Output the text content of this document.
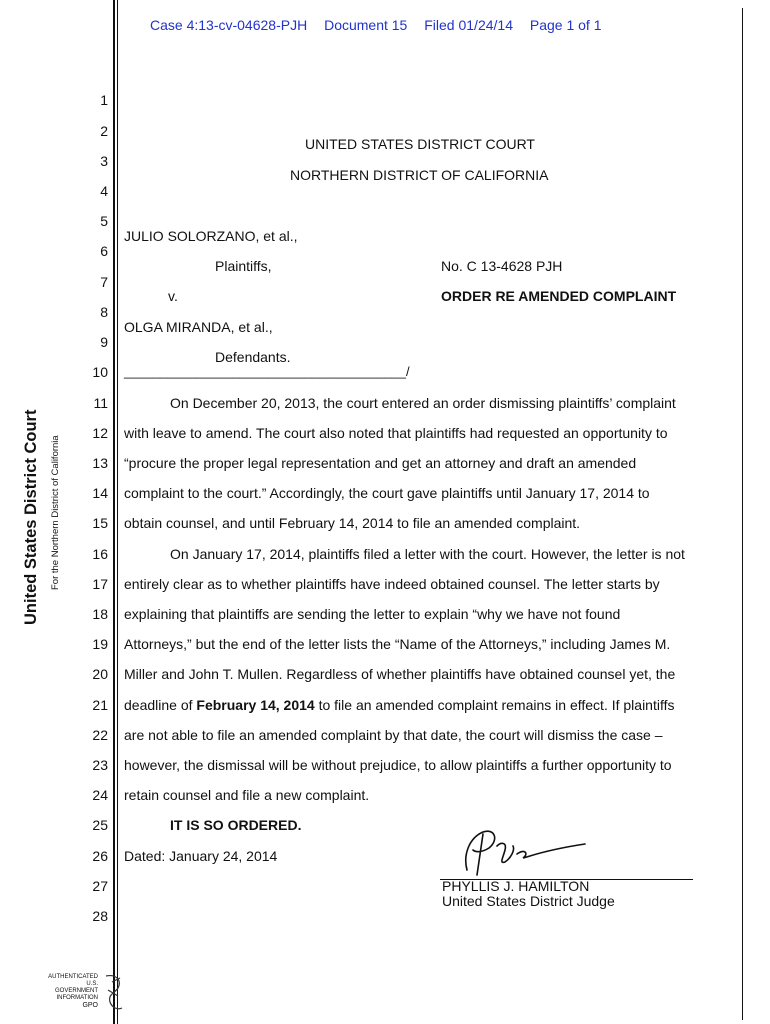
Case 4:13-cv-04628-PJH Document 15 Filed 01/24/14 Page 1 of 1
United States District Court For the Northern District of California
1
2
3
4
5
6
7
8
9
10
11
12
13
14
15
16
17
18
19
20
21
22
23
24
25
26
27
28
UNITED STATES DISTRICT COURT
NORTHERN DISTRICT OF CALIFORNIA
JULIO SOLORZANO, et al.,
Plaintiffs,	No. C 13-4628 PJH
v.	ORDER RE AMENDED COMPLAINT
OLGA MIRANDA, et al.,
Defendants.
_______________________________________/
On December 20, 2013, the court entered an order dismissing plaintiffs’ complaint
with leave to amend. The court also noted that plaintiffs had requested an opportunity to
“procure the proper legal representation and get an attorney and draft an amended
complaint to the court.” Accordingly, the court gave plaintiffs until January 17, 2014 to
obtain counsel, and until February 14, 2014 to file an amended complaint.
On January 17, 2014, plaintiffs filed a letter with the court. However, the letter is not
entirely clear as to whether plaintiffs have indeed obtained counsel. The letter starts by
explaining that plaintiffs are sending the letter to explain “why we have not found
Attorneys,” but the end of the letter lists the “Name of the Attorneys,” including James M.
Miller and John T. Mullen. Regardless of whether plaintiffs have obtained counsel yet, the
deadline of February 14, 2014 to file an amended complaint remains in effect. If plaintiffs
are not able to file an amended complaint by that date, the court will dismiss the case –
however, the dismissal will be without prejudice, to allow plaintiffs a further opportunity to
retain counsel and file a new complaint.
IT IS SO ORDERED.
Dated: January 24, 2014
PHYLLIS J. HAMILTON
United States District Judge
AUTHENTICATED
U.S. GOVERNMENT
INFORMATION
GPO
